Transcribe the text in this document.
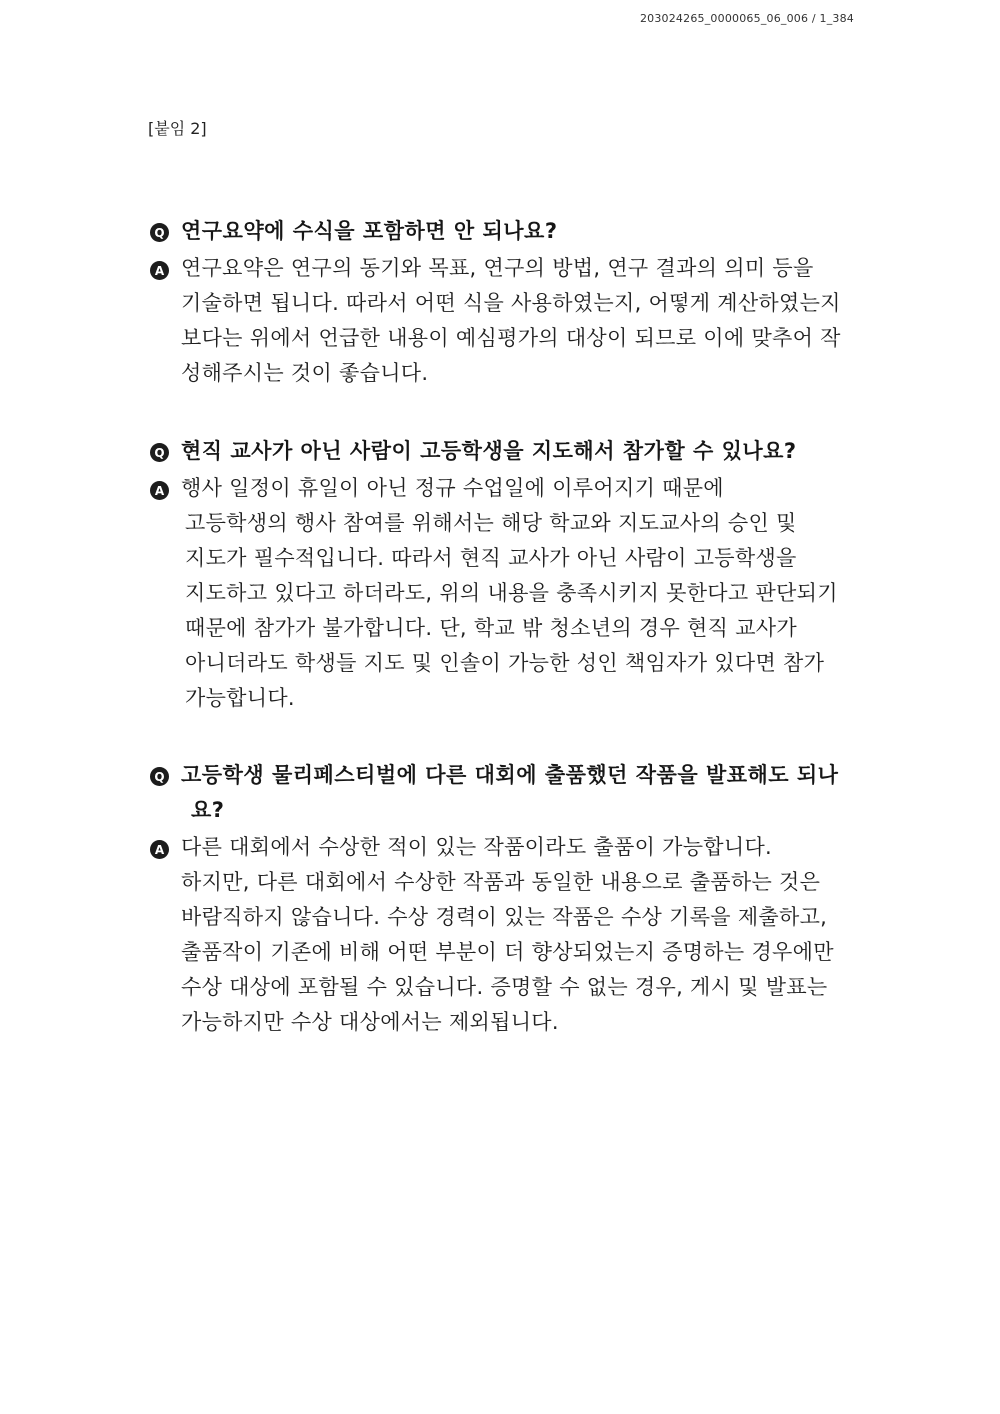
203024265_0000065_06_006 / 1_384
[붙임 2]
Q 연구요약에 수식을 포함하면 안 되나요?
A 연구요약은 연구의 동기와 목표, 연구의 방법, 연구 결과의 의미 등을
기술하면 됩니다. 따라서 어떤 식을 사용하였는지, 어떻게 계산하였는지
보다는 위에서 언급한 내용이 예심평가의 대상이 되므로 이에 맞추어 작
성해주시는 것이 좋습니다.
Q 현직 교사가 아닌 사람이 고등학생을 지도해서 참가할 수 있나요?
A 행사 일정이 휴일이 아닌 정규 수업일에 이루어지기 때문에
고등학생의 행사 참여를 위해서는 해당 학교와 지도교사의 승인 및
지도가 필수적입니다. 따라서 현직 교사가 아닌 사람이 고등학생을
지도하고 있다고 하더라도, 위의 내용을 충족시키지 못한다고 판단되기
때문에 참가가 불가합니다. 단, 학교 밖 청소년의 경우 현직 교사가
아니더라도 학생들 지도 및 인솔이 가능한 성인 책임자가 있다면 참가
가능합니다.
Q 고등학생 물리페스티벌에 다른 대회에 출품했던 작품을 발표해도 되나
요?
A 다른 대회에서 수상한 적이 있는 작품이라도 출품이 가능합니다.
하지만, 다른 대회에서 수상한 작품과 동일한 내용으로 출품하는 것은
바람직하지 않습니다. 수상 경력이 있는 작품은 수상 기록을 제출하고,
출품작이 기존에 비해 어떤 부분이 더 향상되었는지 증명하는 경우에만
수상 대상에 포함될 수 있습니다. 증명할 수 없는 경우, 게시 및 발표는
가능하지만 수상 대상에서는 제외됩니다.
